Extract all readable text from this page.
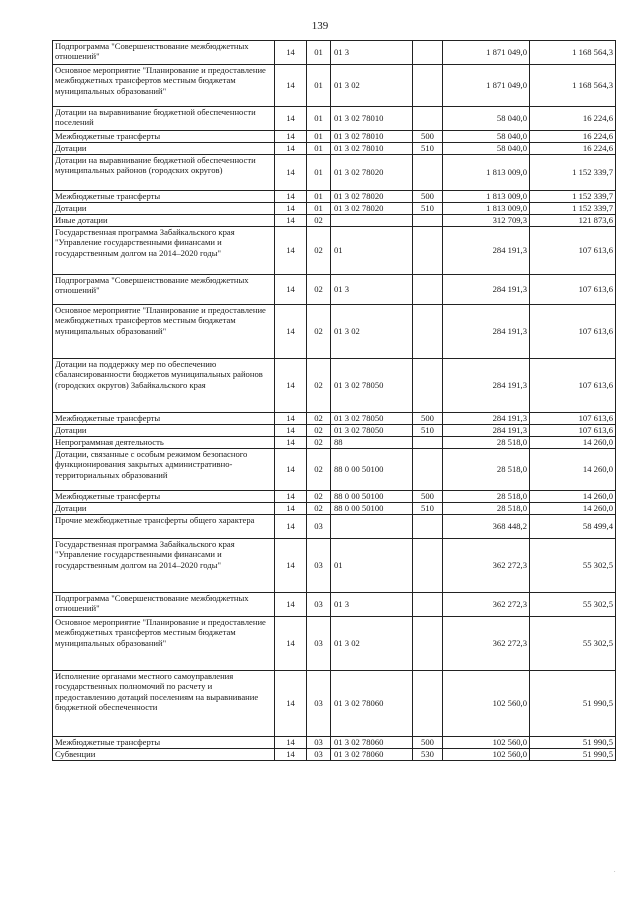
139
Подпрограмма "Совершенствование межбюджетных отношений"	14	01	01 3		1 871 049,0	1 168 564,3
Основное мероприятие "Планирование и предоставление межбюджетных трансфертов местным бюджетам муниципальных образований"	14	01	01 3 02		1 871 049,0	1 168 564,3
Дотации на выравнивание бюджетной обеспеченности поселений	14	01	01 3 02 78010		58 040,0	16 224,6
Межбюджетные трансферты	14	01	01 3 02 78010	500	58 040,0	16 224,6
Дотации	14	01	01 3 02 78010	510	58 040,0	16 224,6
Дотации на выравнивание бюджетной обеспеченности муниципальных районов (городских округов)	14	01	01 3 02 78020		1 813 009,0	1 152 339,7
Межбюджетные трансферты	14	01	01 3 02 78020	500	1 813 009,0	1 152 339,7
Дотации	14	01	01 3 02 78020	510	1 813 009,0	1 152 339,7
Иные дотации	14	02			312 709,3	121 873,6
Государственная программа Забайкальского края "Управление государственными финансами и государственным долгом на 2014–2020 годы"	14	02	01		284 191,3	107 613,6
Подпрограмма "Совершенствование межбюджетных отношений"	14	02	01 3		284 191,3	107 613,6
Основное мероприятие "Планирование и предоставление межбюджетных трансфертов местным бюджетам муниципальных образований"	14	02	01 3 02		284 191,3	107 613,6
Дотации на поддержку мер по обеспечению сбалансированности бюджетов муниципальных районов (городских округов) Забайкальского края	14	02	01 3 02 78050		284 191,3	107 613,6
Межбюджетные трансферты	14	02	01 3 02 78050	500	284 191,3	107 613,6
Дотации	14	02	01 3 02 78050	510	284 191,3	107 613,6
Непрограммная деятельность	14	02	88		28 518,0	14 260,0
Дотации, связанные с особым режимом безопасного функционирования закрытых административно-территориальных образований	14	02	88 0 00 50100		28 518,0	14 260,0
Межбюджетные трансферты	14	02	88 0 00 50100	500	28 518,0	14 260,0
Дотации	14	02	88 0 00 50100	510	28 518,0	14 260,0
Прочие межбюджетные трансферты общего характера	14	03			368 448,2	58 499,4
Государственная программа Забайкальского края "Управление государственными финансами и государственным долгом на 2014–2020 годы"	14	03	01		362 272,3	55 302,5
Подпрограмма "Совершенствование межбюджетных отношений"	14	03	01 3		362 272,3	55 302,5
Основное мероприятие "Планирование и предоставление межбюджетных трансфертов местным бюджетам муниципальных образований"	14	03	01 3 02		362 272,3	55 302,5
Исполнение органами местного самоуправления государственных полномочий по расчету и предоставлению дотаций поселениям на выравнивание бюджетной обеспеченности	14	03	01 3 02 78060		102 560,0	51 990,5
Межбюджетные трансферты	14	03	01 3 02 78060	500	102 560,0	51 990,5
Субвенции	14	03	01 3 02 78060	530	102 560,0	51 990,5
.
